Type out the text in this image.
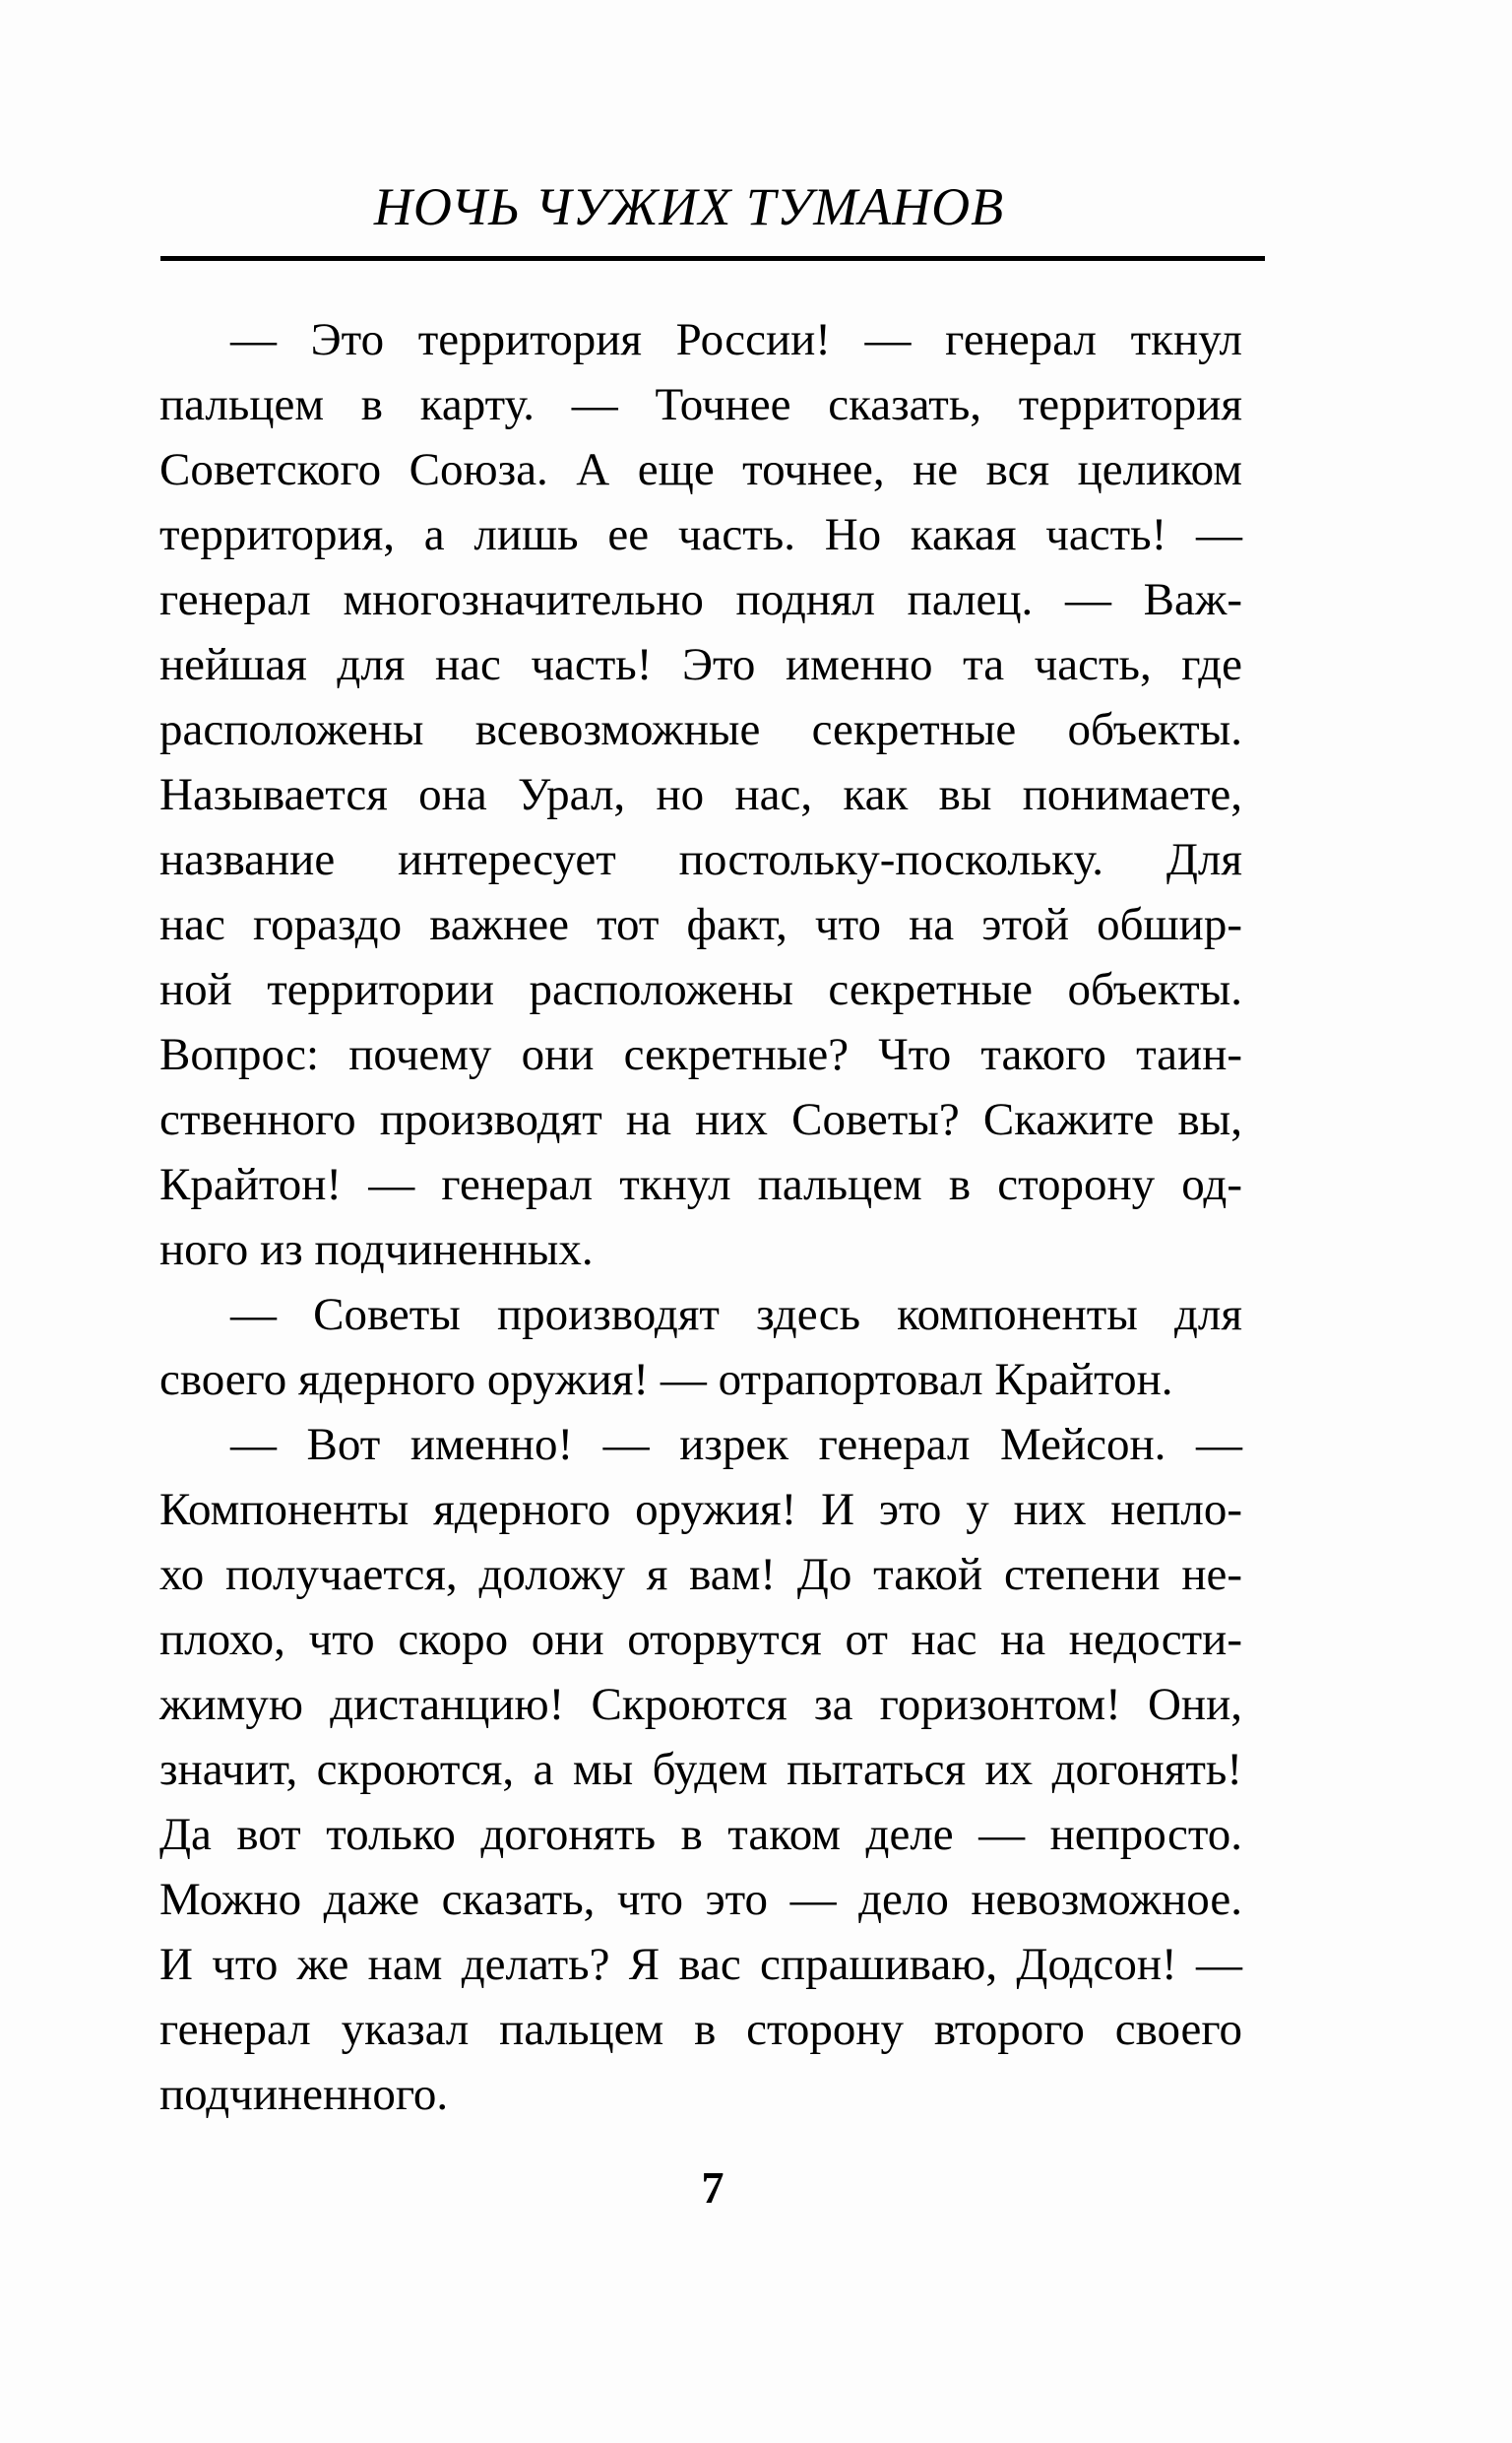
НОЧЬ ЧУЖИХ ТУМАНОВ
— Это территория России! — генерал ткнул
пальцем в карту. — Точнее сказать, территория
Советского Союза. А еще точнее, не вся целиком
территория, а лишь ее часть. Но какая часть! —
генерал многозначительно поднял палец. — Важ-
нейшая для нас часть! Это именно та часть, где
расположены всевозможные секретные объекты.
Называется она Урал, но нас, как вы понимаете,
название интересует постольку-поскольку. Для
нас гораздо важнее тот факт, что на этой обшир-
ной территории расположены секретные объекты.
Вопрос: почему они секретные? Что такого таин-
ственного производят на них Советы? Скажите вы,
Крайтон! — генерал ткнул пальцем в сторону од-
ного из подчиненных.
— Советы производят здесь компоненты для
своего ядерного оружия! — отрапортовал Крайтон.
— Вот именно! — изрек генерал Мейсон. —
Компоненты ядерного оружия! И это у них непло-
хо получается, доложу я вам! До такой степени не-
плохо, что скоро они оторвутся от нас на недости-
жимую дистанцию! Скроются за горизонтом! Они,
значит, скроются, а мы будем пытаться их догонять!
Да вот только догонять в таком деле — непросто.
Можно даже сказать, что это — дело невозможное.
И что же нам делать? Я вас спрашиваю, Додсон! —
генерал указал пальцем в сторону второго своего
подчиненного.
7
